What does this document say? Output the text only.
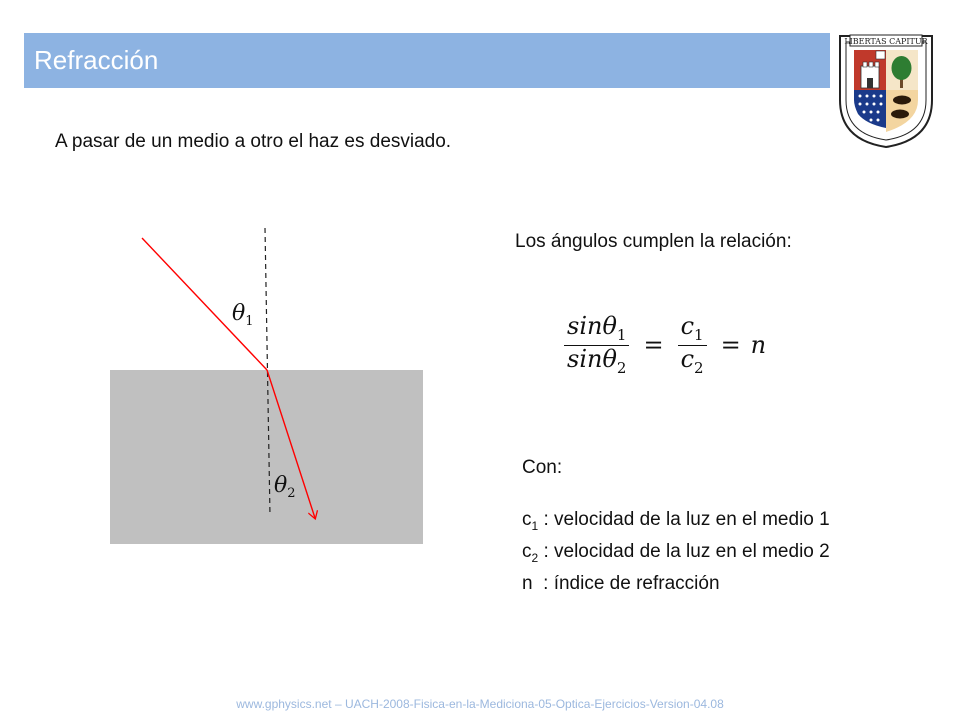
Refracción
LIBERTAS CAPITUR
A pasar de un medio a otro el haz es desviado.
$\theta_1$
$\theta_2$
Los ángulos cumplen la relación:
$\frac{\sin\theta_1}{\sin\theta_2} = \frac{c_1}{c_2} = n$
Con:
$c_1$ : velocidad de la luz en el medio 1
$c_2$ : velocidad de la luz en el medio 2
n  : índice de refracción
www.gphysics.net – UACH-2008-Fisica-en-la-Mediciona-05-Optica-Ejercicios-Version-04.08
